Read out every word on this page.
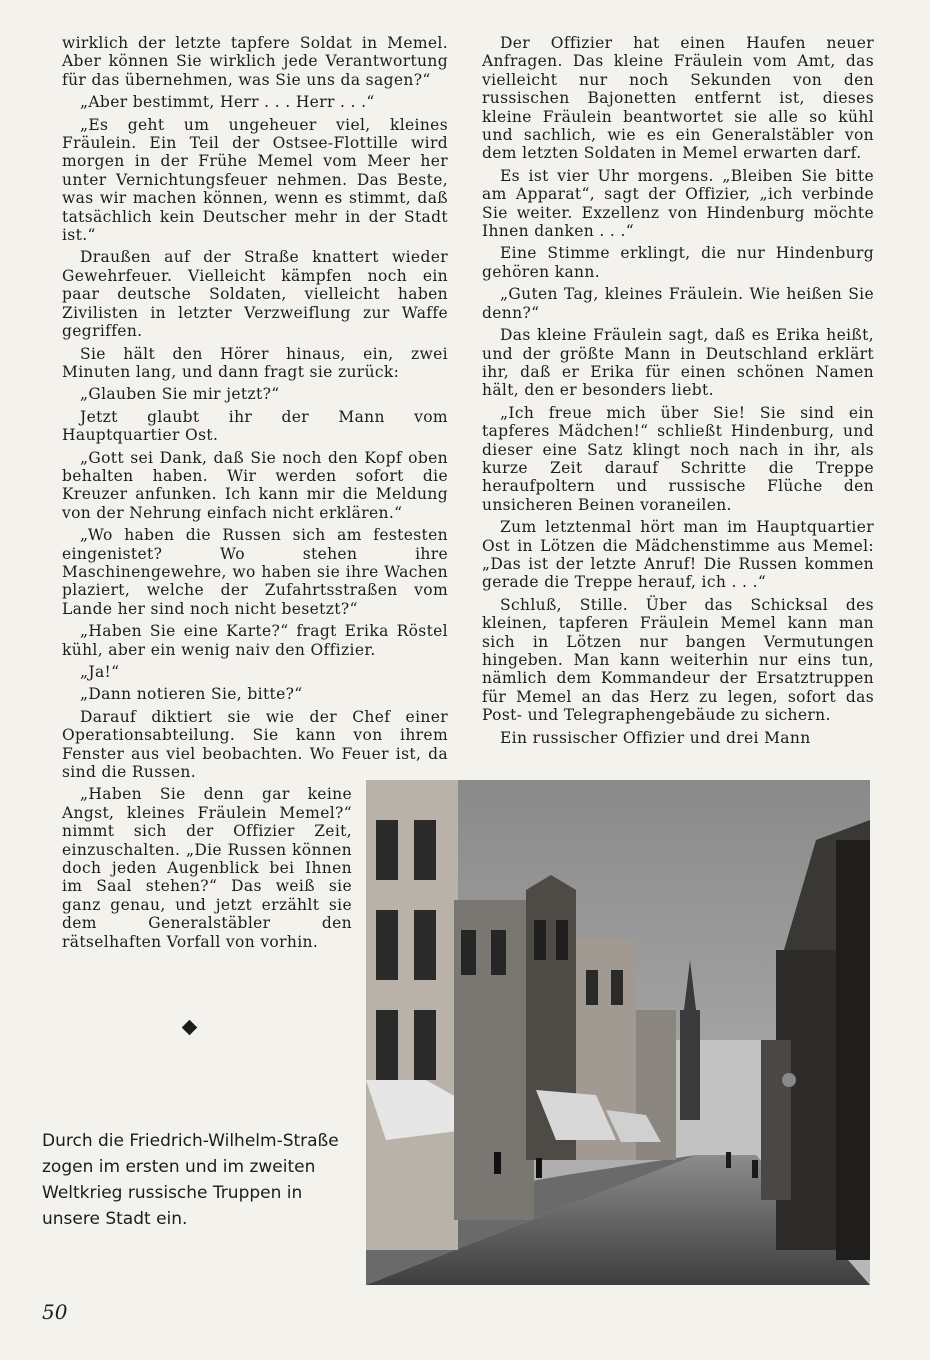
wirklich der letzte tapfere Soldat in Memel. Aber können Sie wirklich jede Verantwortung für das übernehmen, was Sie uns da sagen?“

„Aber bestimmt, Herr . . . Herr . . .“

„Es geht um ungeheuer viel, kleines Fräulein. Ein Teil der Ostsee-Flottille wird morgen in der Frühe Memel vom Meer her unter Vernichtungsfeuer nehmen. Das Beste, was wir machen können, wenn es stimmt, daß tatsächlich kein Deutscher mehr in der Stadt ist.“

Draußen auf der Straße knattert wieder Gewehrfeuer. Vielleicht kämpfen noch ein paar deutsche Soldaten, vielleicht haben Zivilisten in letzter Verzweiflung zur Waffe gegriffen.

Sie hält den Hörer hinaus, ein, zwei Minuten lang, und dann fragt sie zurück:

„Glauben Sie mir jetzt?“

Jetzt glaubt ihr der Mann vom Hauptquartier Ost.

„Gott sei Dank, daß Sie noch den Kopf oben behalten haben. Wir werden sofort die Kreuzer anfunken. Ich kann mir die Meldung von der Nehrung einfach nicht erklären.“

„Wo haben die Russen sich am festesten eingenistet? Wo stehen ihre Maschinengewehre, wo haben sie ihre Wachen plaziert, welche der Zufahrtsstraßen vom Lande her sind noch nicht besetzt?“

„Haben Sie eine Karte?“ fragt Erika Röstel kühl, aber ein wenig naiv den Offizier.

„Ja!“

„Dann notieren Sie, bitte?“

Darauf diktiert sie wie der Chef einer Operationsabteilung. Sie kann von ihrem Fenster aus viel beobachten. Wo Feuer ist, da sind die Russen.

„Haben Sie denn gar keine Angst, kleines Fräulein Memel?“ nimmt sich der Offizier Zeit, einzuschalten. „Die Russen können doch jeden Augenblick bei Ihnen im Saal stehen?“ Das weiß sie ganz genau, und jetzt erzählt sie dem Generalstäbler den rätselhaften Vorfall von vorhin.

Der Offizier hat einen Haufen neuer Anfragen. Das kleine Fräulein vom Amt, das vielleicht nur noch Sekunden von den russischen Bajonetten entfernt ist, dieses kleine Fräulein beantwortet sie alle so kühl und sachlich, wie es ein Generalstäbler von dem letzten Soldaten in Memel erwarten darf.

Es ist vier Uhr morgens. „Bleiben Sie bitte am Apparat“, sagt der Offizier, „ich verbinde Sie weiter. Exzellenz von Hindenburg möchte Ihnen danken . . .“

Eine Stimme erklingt, die nur Hindenburg gehören kann.

„Guten Tag, kleines Fräulein. Wie heißen Sie denn?“

Das kleine Fräulein sagt, daß es Erika heißt, und der größte Mann in Deutschland erklärt ihr, daß er Erika für einen schönen Namen hält, den er besonders liebt.

„Ich freue mich über Sie! Sie sind ein tapferes Mädchen!“ schließt Hindenburg, und dieser eine Satz klingt noch nach in ihr, als kurze Zeit darauf Schritte die Treppe heraufpoltern und russische Flüche den unsicheren Beinen voraneilen.

Zum letztenmal hört man im Hauptquartier Ost in Lötzen die Mädchenstimme aus Memel: „Das ist der letzte Anruf! Die Russen kommen gerade die Treppe herauf, ich . . .“

Schluß, Stille. Über das Schicksal des kleinen, tapferen Fräulein Memel kann man sich in Lötzen nur bangen Vermutungen hingeben. Man kann weiterhin nur eins tun, nämlich dem Kommandeur der Ersatztruppen für Memel an das Herz zu legen, sofort das Post- und Telegraphengebäude zu sichern.

Ein russischer Offizier und drei Mann

Durch die Friedrich-Wilhelm-Straße
zogen im ersten und im zweiten
Weltkrieg russische Truppen in
unsere Stadt ein.
50
